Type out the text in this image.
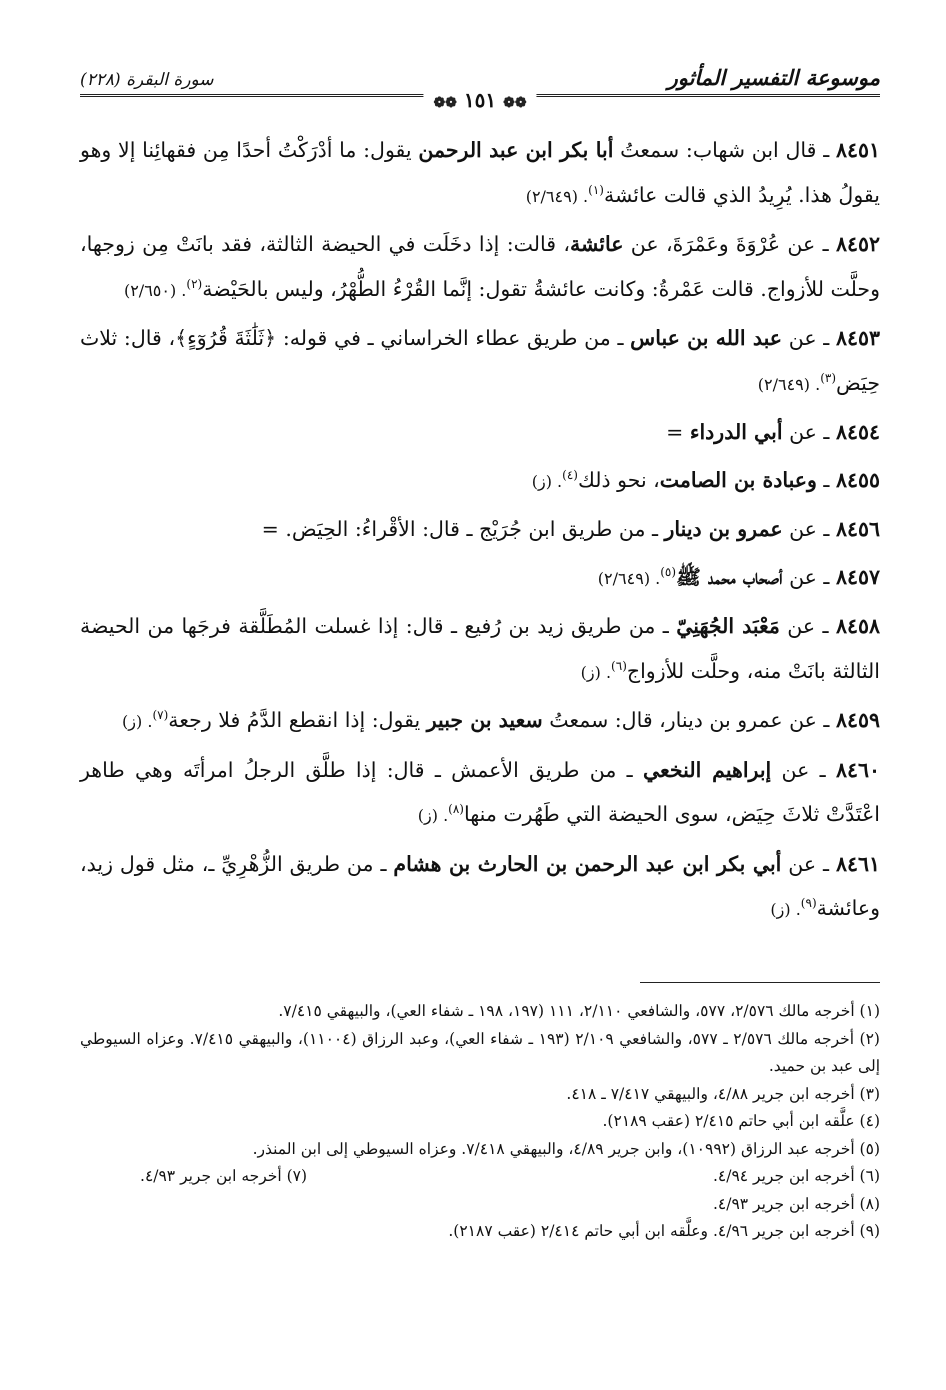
موسوعة التفسير المأثور
سورة البقرة (٢٢٨)
❁❁ ١٥١ ❁❁

٨٤٥١ ـ قال ابن شهاب: سمعتُ أبا بكر ابن عبد الرحمن يقول: ما أدْرَكْتُ أحدًا مِن فقهائِنا إلا وهو يقولُ هذا. يُرِيدُ الذي قالت عائشة$^{(١)}$. (٢/٦٤٩)

٨٤٥٢ ـ عن عُرْوَةَ وعَمْرَةَ، عن عائشة، قالت: إذا دخَلَت في الحيضة الثالثة، فقد بانَتْ مِن زوجها، وحلَّت للأزواج. قالت عَمْرةُ: وكانت عائشةُ تقول: إنَّما القُرْءُ الطُّهْرُ، وليس بالحَيْضة$^{(٢)}$. (٢/٦٥٠)

٨٤٥٣ ـ عن عبد الله بن عباس ـ من طريق عطاء الخراساني ـ في قوله: ﴿ثَلَٰثَةَ قُرُوٓءٍ﴾، قال: ثلاث حِيَض$^{(٣)}$. (٢/٦٤٩)

٨٤٥٤ ـ عن أبي الدرداء =

٨٤٥٥ ـ وعبادة بن الصامت، نحو ذلك$^{(٤)}$. (ز)

٨٤٥٦ ـ عن عمرو بن دينار ـ من طريق ابن جُرَيْج ـ قال: الأقْراءُ: الحِيَض. =

٨٤٥٧ ـ عن أصحاب محمد ﷺ$^{(٥)}$. (٢/٦٤٩)

٨٤٥٨ ـ عن مَعْبَد الجُهَنِيّ ـ من طريق زيد بن رُفيع ـ قال: إذا غسلت المُطَلَّقة فرجَها من الحيضة الثالثة بانَتْ منه، وحلَّت للأزواج$^{(٦)}$. (ز)

٨٤٥٩ ـ عن عمرو بن دينار، قال: سمعتُ سعيد بن جبير يقول: إذا انقطع الدَّمُ فلا رجعة$^{(٧)}$. (ز)

٨٤٦٠ ـ عن إبراهيم النخعي ـ من طريق الأعمش ـ قال: إذا طلَّق الرجلُ امرأتَه وهي طاهر اعْتَدَّتْ ثلاثَ حِيَض، سوى الحيضة التي طَهُرت منها$^{(٨)}$. (ز)

٨٤٦١ ـ عن أبي بكر ابن عبد الرحمن بن الحارث بن هشام ـ من طريق الزُّهْرِيِّ ـ، مثل قول زيد، وعائشة$^{(٩)}$. (ز)

(١) أخرجه مالك ٢/٥٧٦، ٥٧٧، والشافعي ٢/١١٠، ١١١ (١٩٧، ١٩٨ ـ شفاء العي)، والبيهقي ٧/٤١٥.

(٢) أخرجه مالك ٢/٥٧٦ ـ ٥٧٧، والشافعي ٢/١٠٩ (١٩٣ ـ شفاء العي)، وعبد الرزاق (١١٠٠٤)، والبيهقي ٧/٤١٥. وعزاه السيوطي إلى عبد بن حميد.

(٣) أخرجه ابن جرير ٤/٨٨، والبيهقي ٧/٤١٧ ـ ٤١٨.

(٤) علَّقه ابن أبي حاتم ٢/٤١٥ (عقب ٢١٨٩).

(٥) أخرجه عبد الرزاق (١٠٩٩٢)، وابن جرير ٤/٨٩، والبيهقي ٧/٤١٨. وعزاه السيوطي إلى ابن المنذر.

(٦) أخرجه ابن جرير ٤/٩٤.
(٧) أخرجه ابن جرير ٤/٩٣.

(٨) أخرجه ابن جرير ٤/٩٣.

(٩) أخرجه ابن جرير ٤/٩٦. وعلَّقه ابن أبي حاتم ٢/٤١٤ (عقب ٢١٨٧).
